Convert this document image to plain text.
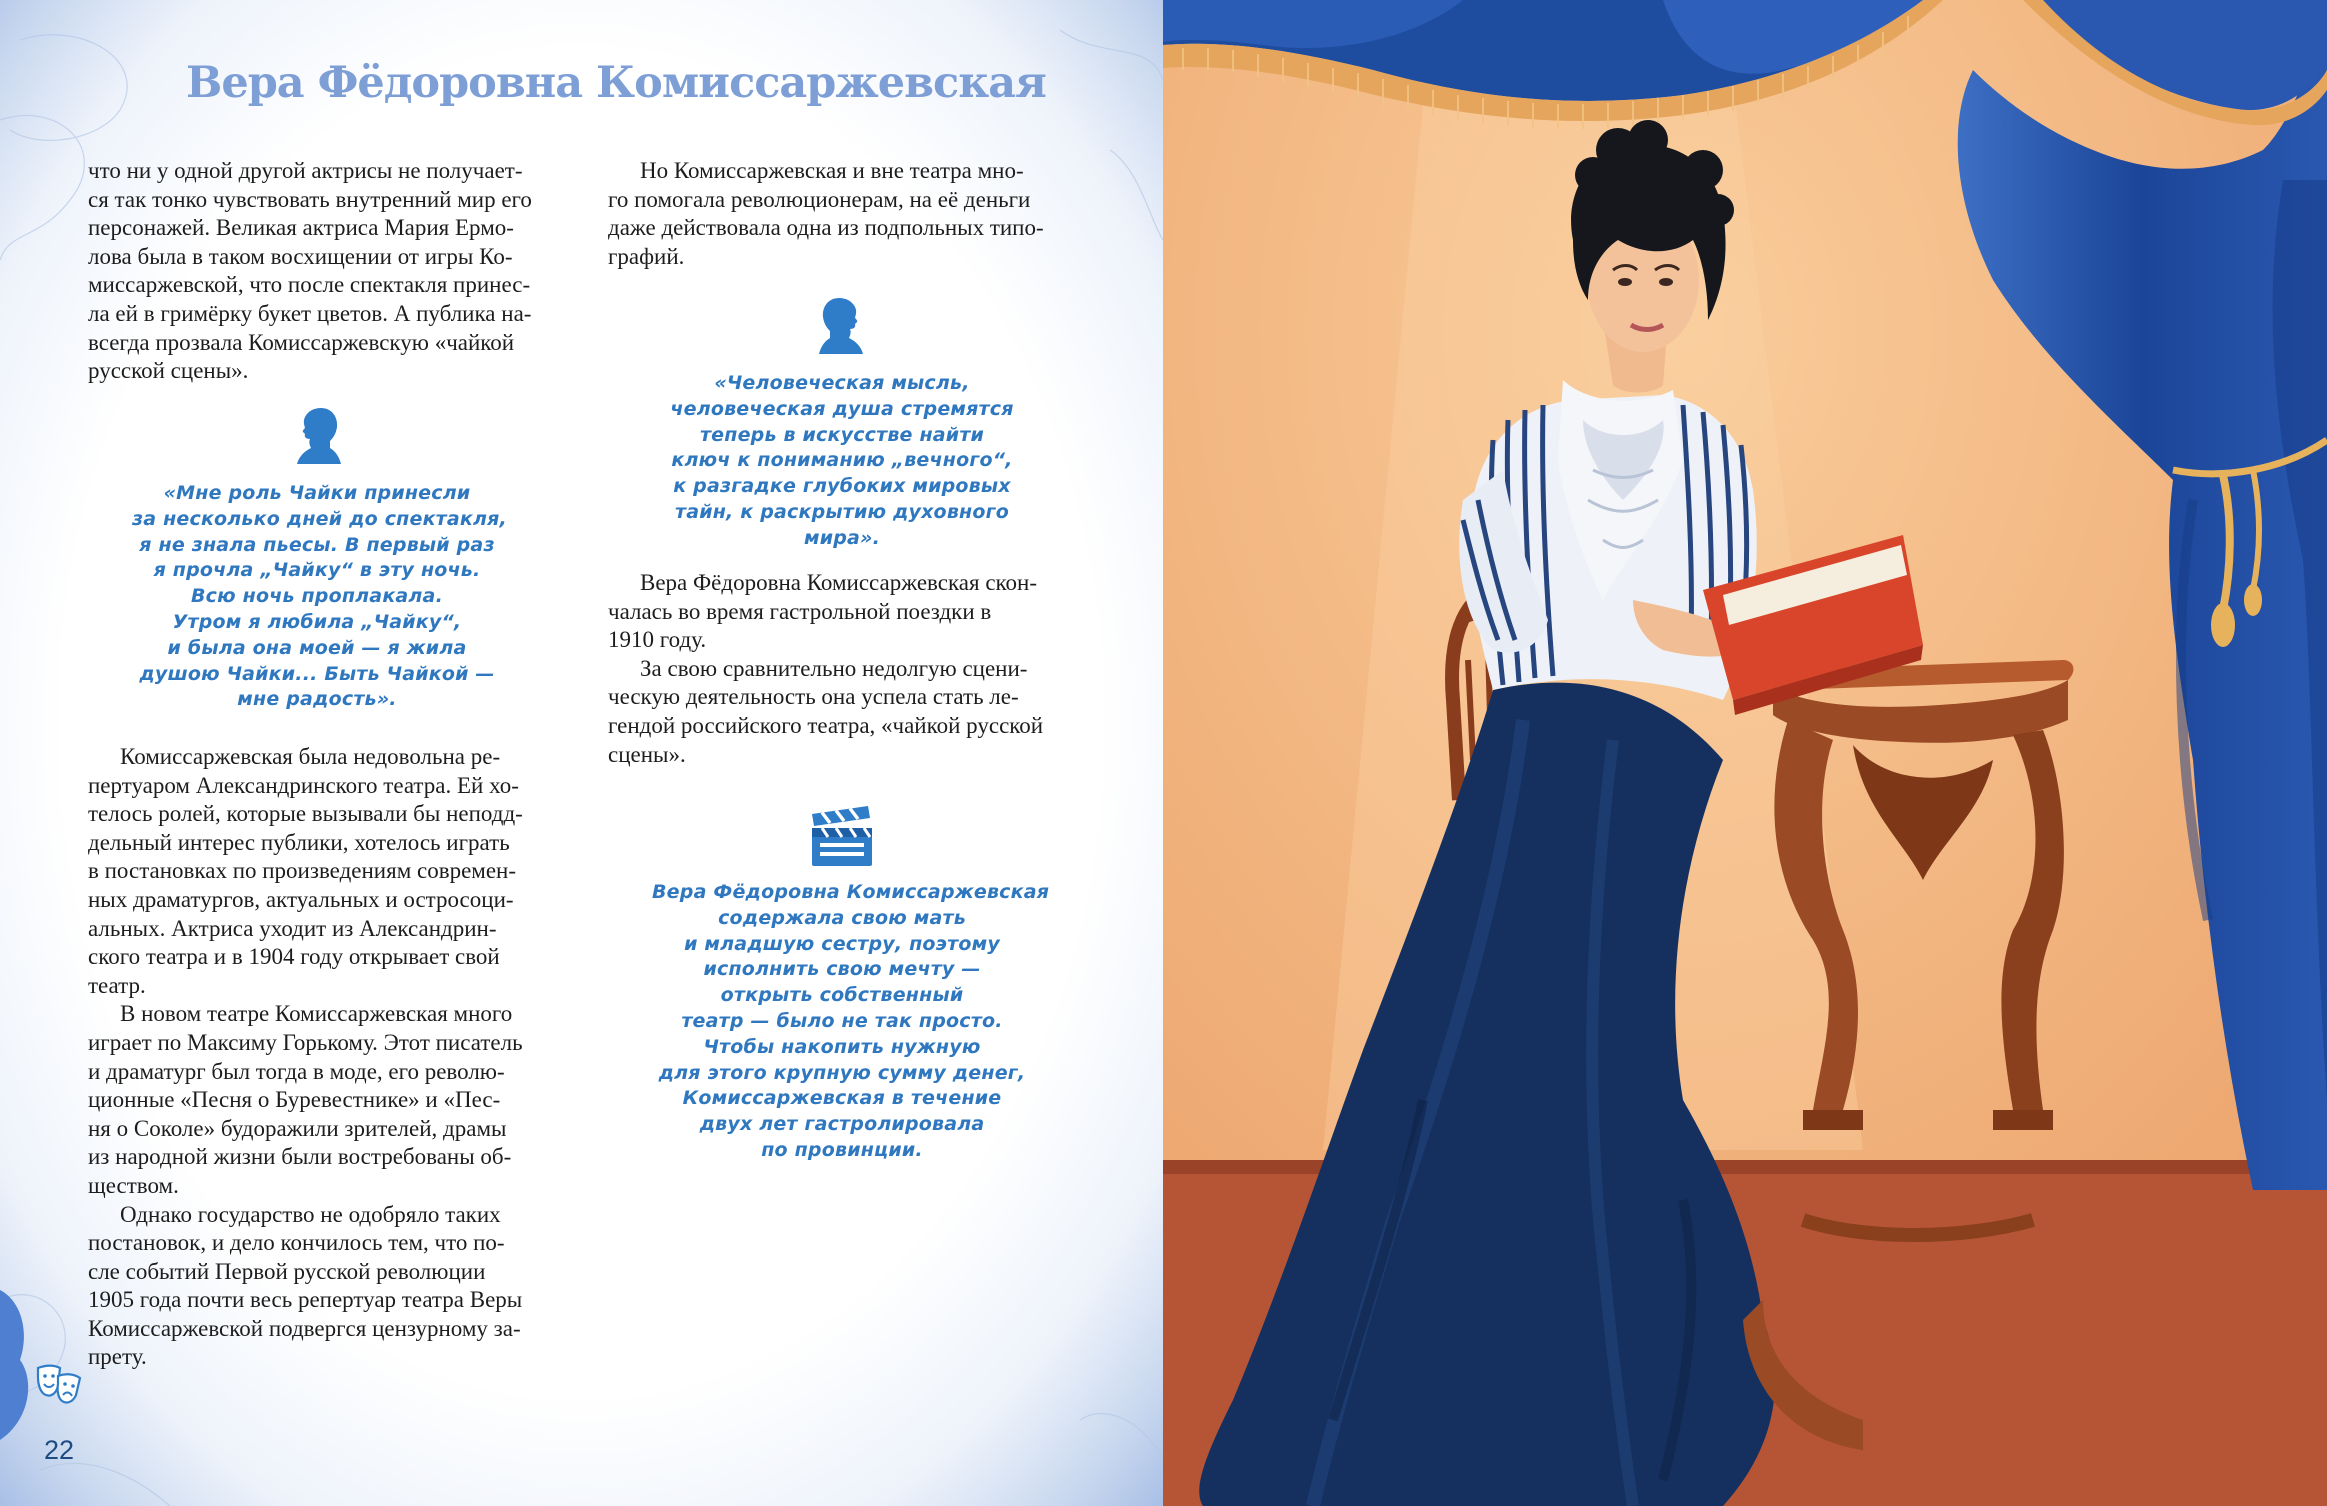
Вера Фёдоровна Комиссаржевская

что ни у одной другой актрисы не получает-
ся так тонко чувствовать внутренний мир его
персонажей. Великая актриса Мария Ермо-
лова была в таком восхищении от игры Ко-
миссаржевской, что после спектакля принес-
ла ей в гримёрку букет цветов. А публика на-
всегда прозвала Комиссаржевскую «чайкой
русской сцены».

«Мне роль Чайки принесли
за несколько дней до спектакля,
я не знала пьесы. В первый раз
я прочла „Чайку“ в эту ночь.
Всю ночь проплакала.
Утром я любила „Чайку“,
и была она моей — я жила
душою Чайки... Быть Чайкой —
мне радость».

Комиссаржевская была недовольна ре-
пертуаром Александринского театра. Ей хо-
телось ролей, которые вызывали бы неподд-
дельный интерес публики, хотелось играть
в постановках по произведениям современ-
ных драматургов, актуальных и остросоци-
альных. Актриса уходит из Александрин-
ского театра и в 1904 году открывает свой
театр.

В новом театре Комиссаржевская много
играет по Максиму Горькому. Этот писатель
и драматург был тогда в моде, его револю-
ционные «Песня о Буревестнике» и «Пес-
ня о Соколе» будоражили зрителей, драмы
из народной жизни были востребованы об-
ществом.

Однако государство не одобряло таких
постановок, и дело кончилось тем, что по-
сле событий Первой русской революции
1905 года почти весь репертуар театра Веры
Комиссаржевской подвергся цензурному за-
прету.

Но Комиссаржевская и вне театра мно-
го помогала революционерам, на её деньги
даже действовала одна из подпольных типо-
графий.

«Человеческая мысль,
человеческая душа стремятся
теперь в искусстве найти
ключ к пониманию „вечного“,
к разгадке глубоких мировых
тайн, к раскрытию духовного
мира».

Вера Фёдоровна Комиссаржевская скон-
чалась во время гастрольной поездки в
1910 году.

За свою сравнительно недолгую сцени-
ческую деятельность она успела стать ле-
гендой российского театра, «чайкой русской
сцены».

Вера Фёдоровна Комиссаржевская
содержала свою мать
и младшую сестру, поэтому
исполнить свою мечту —
открыть собственный
театр — было не так просто.
Чтобы накопить нужную
для этого крупную сумму денег,
Комиссаржевская в течение
двух лет гастролировала
по провинции.
22
